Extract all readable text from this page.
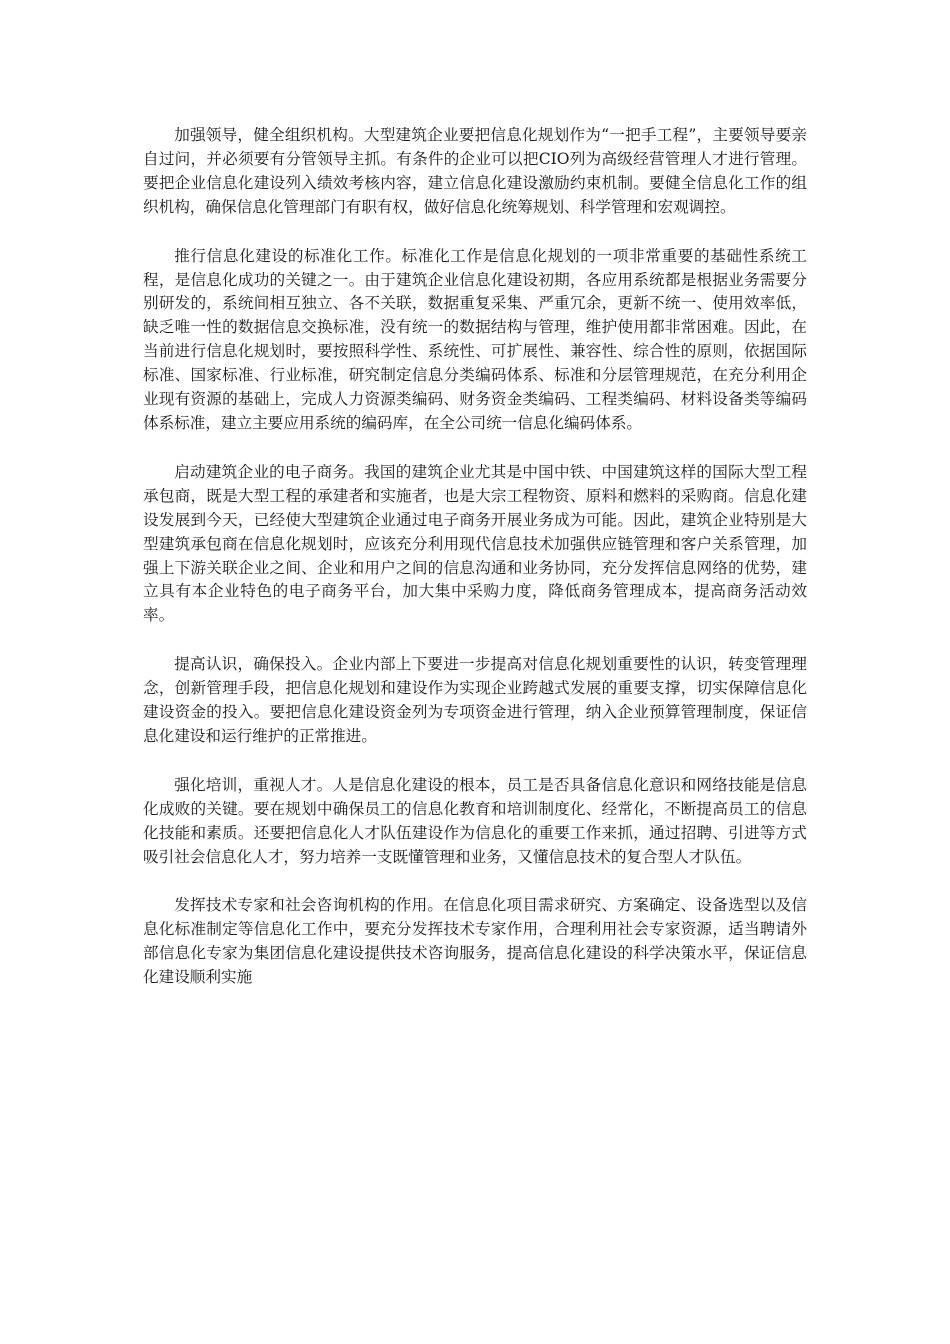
加强领导，健全组织机构。大型建筑企业要把信息化规划作为“一把手工程”，主要领导要亲自过问，并必须要有分管领导主抓。有条件的企业可以把CIO列为高级经营管理人才进行管理。要把企业信息化建设列入绩效考核内容，建立信息化建设激励约束机制。要健全信息化工作的组织机构，确保信息化管理部门有职有权，做好信息化统筹规划、科学管理和宏观调控。

推行信息化建设的标准化工作。标准化工作是信息化规划的一项非常重要的基础性系统工程，是信息化成功的关键之一。由于建筑企业信息化建设初期，各应用系统都是根据业务需要分别研发的，系统间相互独立、各不关联，数据重复采集、严重冗余，更新不统一、使用效率低，缺乏唯一性的数据信息交换标准，没有统一的数据结构与管理，维护使用都非常困难。因此，在当前进行信息化规划时，要按照科学性、系统性、可扩展性、兼容性、综合性的原则，依据国际标准、国家标准、行业标准，研究制定信息分类编码体系、标准和分层管理规范，在充分利用企业现有资源的基础上，完成人力资源类编码、财务资金类编码、工程类编码、材料设备类等编码体系标准，建立主要应用系统的编码库，在全公司统一信息化编码体系。

启动建筑企业的电子商务。我国的建筑企业尤其是中国中铁、中国建筑这样的国际大型工程承包商，既是大型工程的承建者和实施者，也是大宗工程物资、原料和燃料的采购商。信息化建设发展到今天，已经使大型建筑企业通过电子商务开展业务成为可能。因此，建筑企业特别是大型建筑承包商在信息化规划时，应该充分利用现代信息技术加强供应链管理和客户关系管理，加强上下游关联企业之间、企业和用户之间的信息沟通和业务协同，充分发挥信息网络的优势，建立具有本企业特色的电子商务平台，加大集中采购力度，降低商务管理成本，提高商务活动效率。

提高认识，确保投入。企业内部上下要进一步提高对信息化规划重要性的认识，转变管理理念，创新管理手段，把信息化规划和建设作为实现企业跨越式发展的重要支撑，切实保障信息化建设资金的投入。要把信息化建设资金列为专项资金进行管理，纳入企业预算管理制度，保证信息化建设和运行维护的正常推进。

强化培训，重视人才。人是信息化建设的根本，员工是否具备信息化意识和网络技能是信息化成败的关键。要在规划中确保员工的信息化教育和培训制度化、经常化，不断提高员工的信息化技能和素质。还要把信息化人才队伍建设作为信息化的重要工作来抓，通过招聘、引进等方式吸引社会信息化人才，努力培养一支既懂管理和业务，又懂信息技术的复合型人才队伍。

发挥技术专家和社会咨询机构的作用。在信息化项目需求研究、方案确定、设备选型以及信息化标准制定等信息化工作中，要充分发挥技术专家作用，合理利用社会专家资源，适当聘请外部信息化专家为集团信息化建设提供技术咨询服务，提高信息化建设的科学决策水平，保证信息化建设顺利实施
